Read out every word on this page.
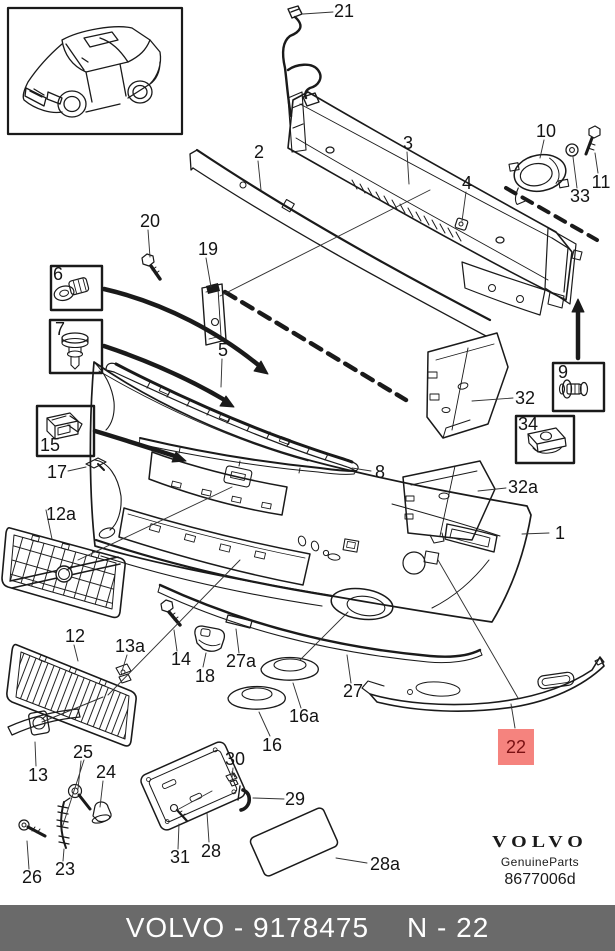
1
2	3
4
5
6
7
8
9
10
11
12
12a
13
13a
14
15
16
16a
17
18
19
20
21
22
23
24
25
26
27
27a
28
28a
29
30
31
32
32a
33
34
VOLVO
GenuineParts
8677006d
VOLVO - 9178475 N - 22
